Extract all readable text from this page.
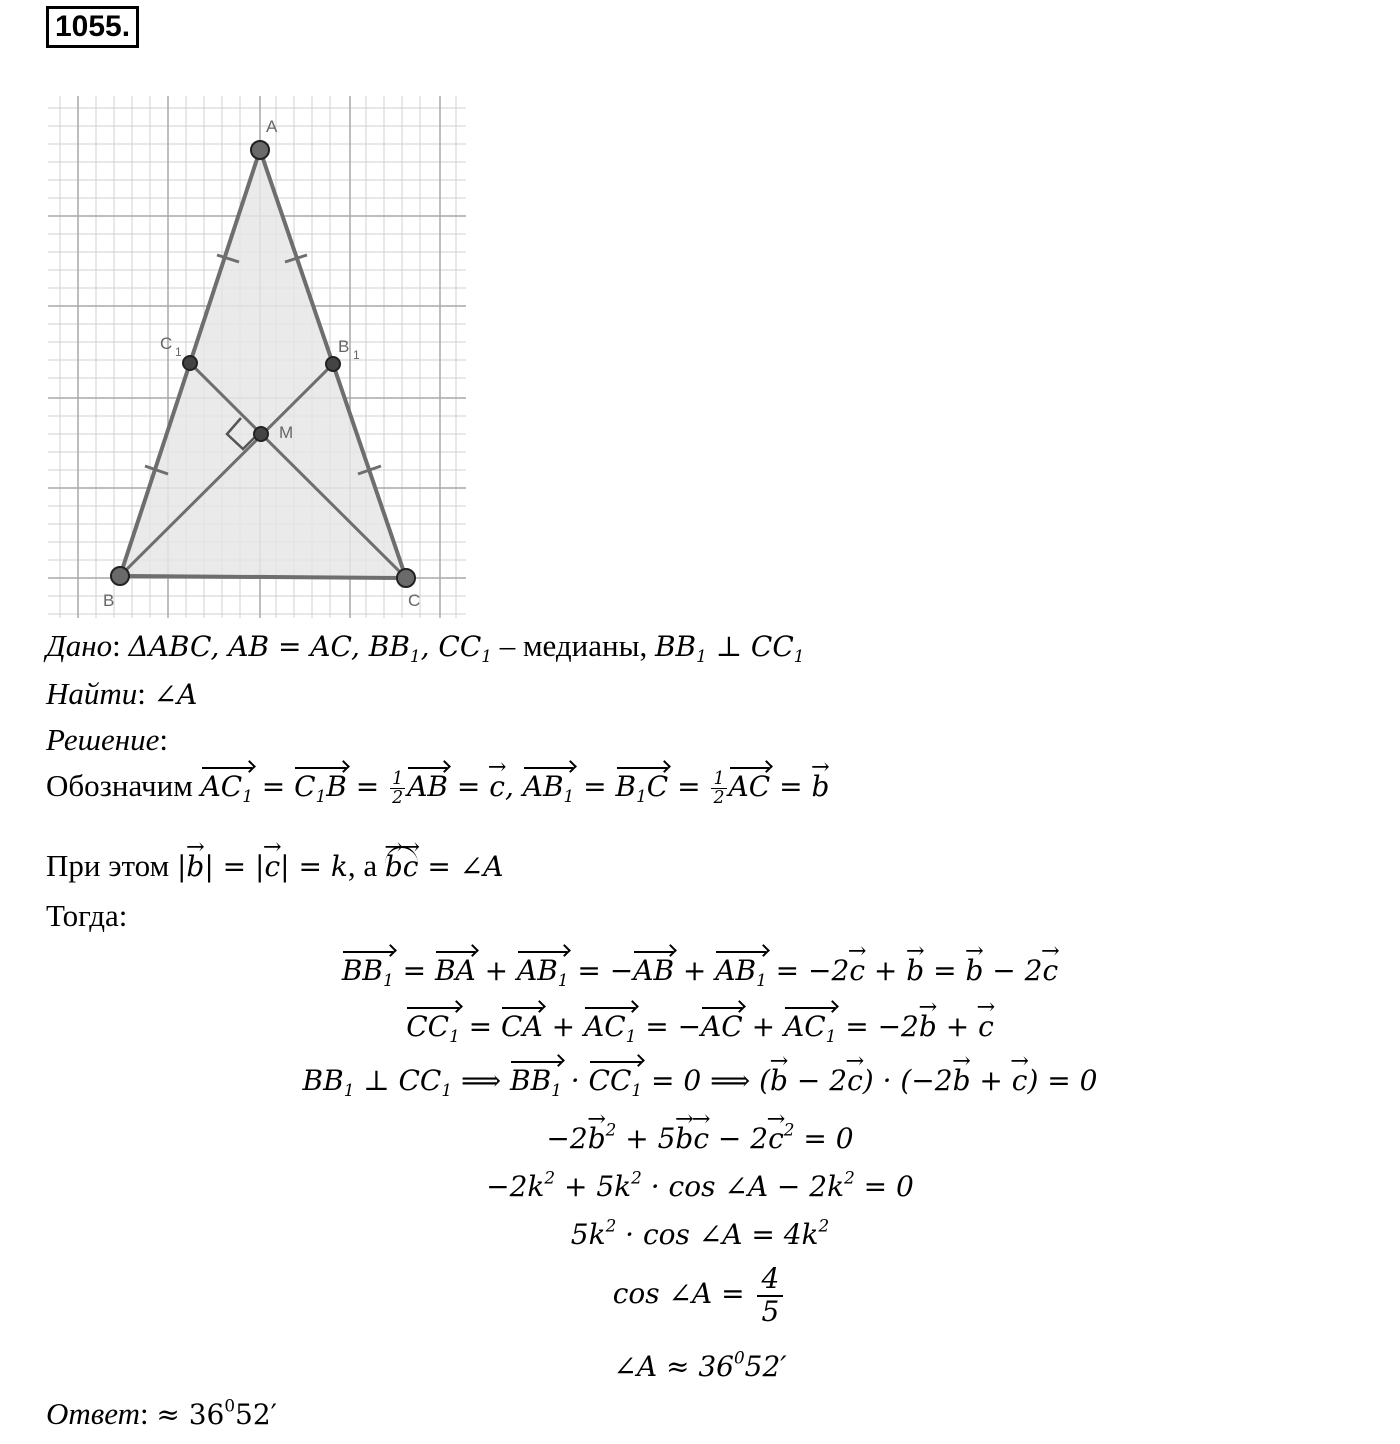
1055.
A
B	C
C 1	B 1
M
Дано: ΔABC, AB = AC, $BB_1$, $CC_1$ – медианы, $BB_1$ ⊥ $CC_1$
Найти: ∠A
Решение:
Обозначим $AC_1 = C_1B = \frac{1}{2}$ AB = → c, $AB_1 = B_1C = \frac{1}{2}$ AC = → b
При этом |→ b| = |→ c| = k, а → b→ c = ∠A
Тогда:
$BB_1$ = BA + $AB_1 = -AB + AB_1 = -2\to c$ + → b = → b − 2→ c
$CC_1$ = CA + $AC_1 = -AC + AC_1 = -2\to b$ + → c
$BB_1$ ⊥ $CC_1$ ⟹ $BB_1 \cdot CC_1 = 0$ ⟹ (→ b − 2→ c) · (−2→ b + → c) = 0
$-2\to b^2 + 5\to b\to c - 2\to c^2 = 0$
$-2k^2 + 5k^2 \cdot \cos$ ∠A − $2k^2 = 0$
$5k^2 \cdot \cos$ ∠A = $4k^2$
cos ∠A = $\frac{4}{5}$
∠A ≈ $36^052'$
Ответ: ≈ $36^052'$
